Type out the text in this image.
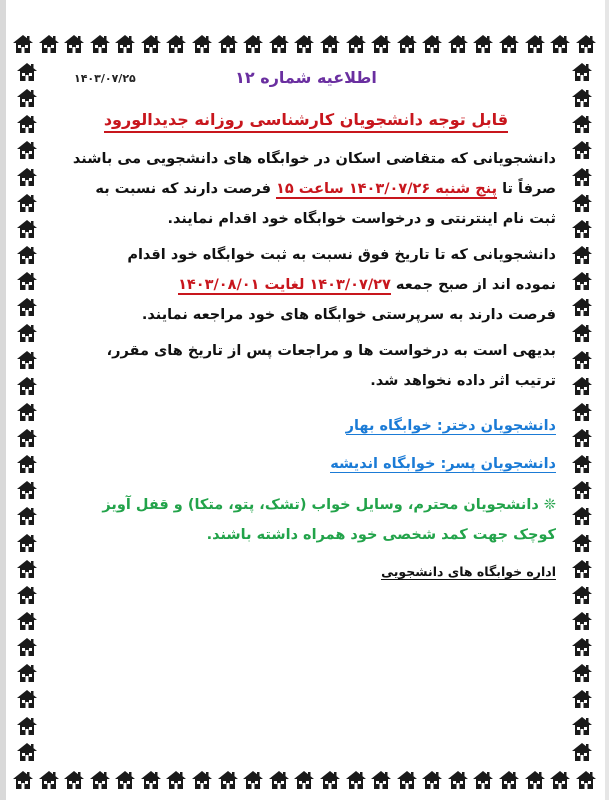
۱۴۰۳/۰۷/۲۵	اطلاعیه شماره ۱۲
قابل توجه دانشجویان کارشناسی روزانه جدیدالورود
دانشجویانی که متقاضی اسکان در خوابگاه های دانشجویی می باشند
صرفاً تا پنج شنبه ۱۴۰۳/۰۷/۲۶ ساعت ۱۵ فرصت دارند که نسبت به
ثبت نام اینترنتی و درخواست خوابگاه خود اقدام نمایند.
دانشجویانی که تا تاریخ فوق نسبت به ثبت خوابگاه خود اقدام
نموده اند از صبح جمعه ۱۴۰۳/۰۷/۲۷ لغایت ۱۴۰۳/۰۸/۰۱
فرصت دارند به سرپرستی خوابگاه های خود مراجعه نمایند.
بدیهی است به درخواست ها و مراجعات پس از تاریخ های مقرر،
ترتیب اثر داده نخواهد شد.
دانشجویان دختر: خوابگاه بهار
دانشجویان پسر: خوابگاه اندیشه
❊ دانشجویان محترم، وسایل خواب (تشک، پتو، متکا) و قفل آویز
کوچک جهت کمد شخصی خود همراه داشته باشند.
اداره خوابگاه های دانشجویی
